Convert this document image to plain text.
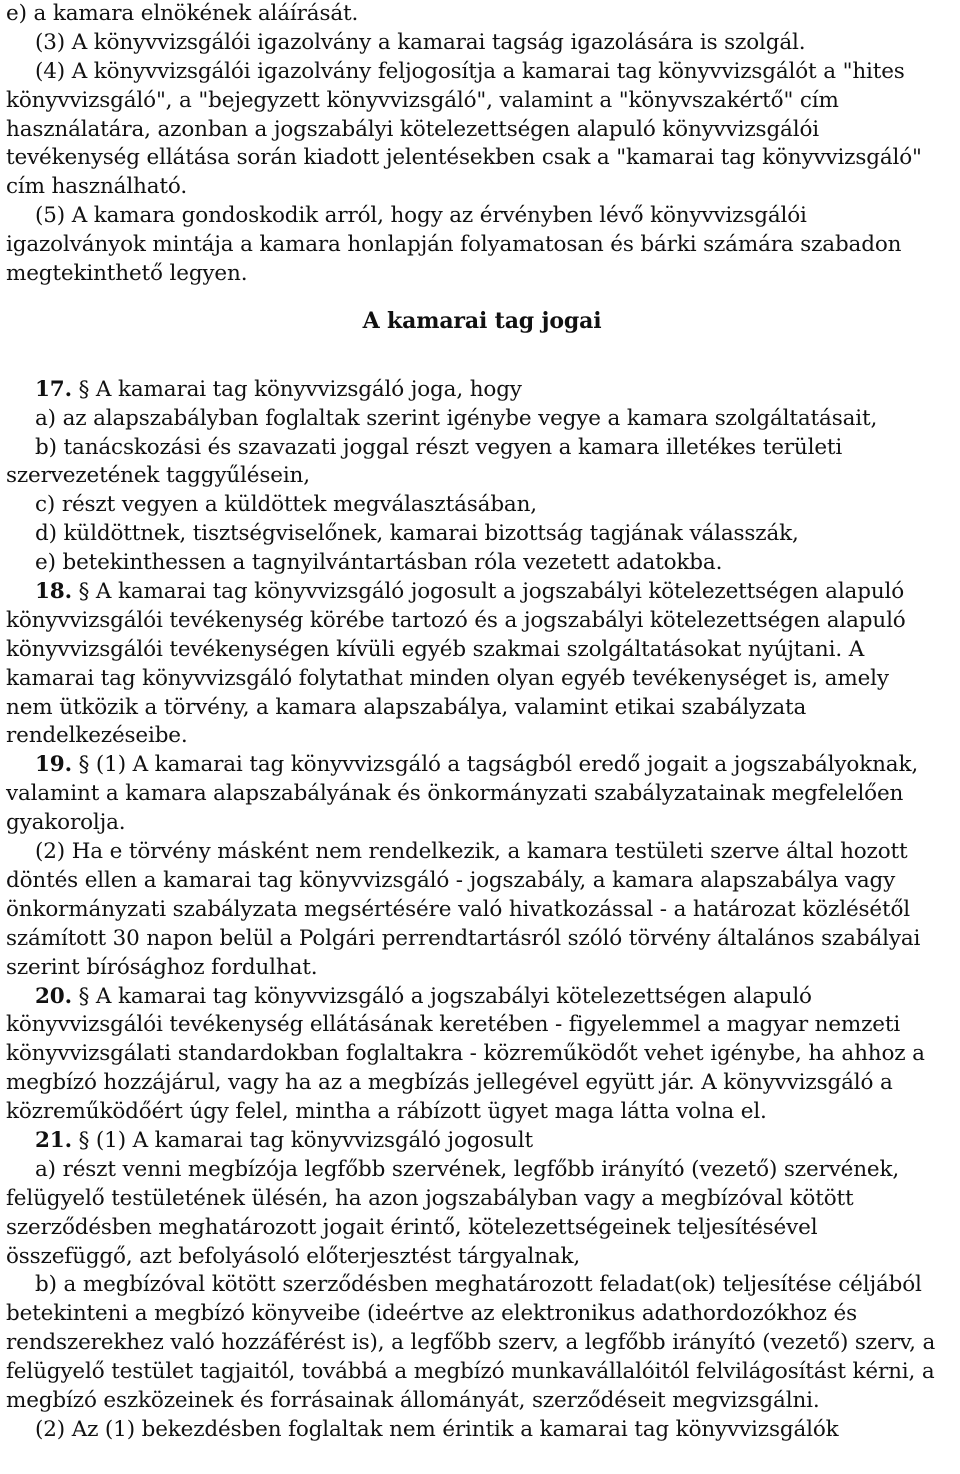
e) a kamara elnökének aláírását.
(3) A könyvvizsgálói igazolvány a kamarai tagság igazolására is szolgál.
(4) A könyvvizsgálói igazolvány feljogosítja a kamarai tag könyvvizsgálót a "hites
könyvvizsgáló", a "bejegyzett könyvvizsgáló", valamint a "könyvszakértő" cím
használatára, azonban a jogszabályi kötelezettségen alapuló könyvvizsgálói
tevékenység ellátása során kiadott jelentésekben csak a "kamarai tag könyvvizsgáló"
cím használható.
(5) A kamara gondoskodik arról, hogy az érvényben lévő könyvvizsgálói
igazolványok mintája a kamara honlapján folyamatosan és bárki számára szabadon
megtekinthető legyen.
A kamarai tag jogai
17. § A kamarai tag könyvvizsgáló joga, hogy
a) az alapszabályban foglaltak szerint igénybe vegye a kamara szolgáltatásait,
b) tanácskozási és szavazati joggal részt vegyen a kamara illetékes területi
szervezetének taggyűlésein,
c) részt vegyen a küldöttek megválasztásában,
d) küldöttnek, tisztségviselőnek, kamarai bizottság tagjának válasszák,
e) betekinthessen a tagnyilvántartásban róla vezetett adatokba.
18. § A kamarai tag könyvvizsgáló jogosult a jogszabályi kötelezettségen alapuló
könyvvizsgálói tevékenység körébe tartozó és a jogszabályi kötelezettségen alapuló
könyvvizsgálói tevékenységen kívüli egyéb szakmai szolgáltatásokat nyújtani. A
kamarai tag könyvvizsgáló folytathat minden olyan egyéb tevékenységet is, amely
nem ütközik a törvény, a kamara alapszabálya, valamint etikai szabályzata
rendelkezéseibe.
19. § (1) A kamarai tag könyvvizsgáló a tagságból eredő jogait a jogszabályoknak,
valamint a kamara alapszabályának és önkormányzati szabályzatainak megfelelően
gyakorolja.
(2) Ha e törvény másként nem rendelkezik, a kamara testületi szerve által hozott
döntés ellen a kamarai tag könyvvizsgáló - jogszabály, a kamara alapszabálya vagy
önkormányzati szabályzata megsértésére való hivatkozással - a határozat közlésétől
számított 30 napon belül a Polgári perrendtartásról szóló törvény általános szabályai
szerint bírósághoz fordulhat.
20. § A kamarai tag könyvvizsgáló a jogszabályi kötelezettségen alapuló
könyvvizsgálói tevékenység ellátásának keretében - figyelemmel a magyar nemzeti
könyvvizsgálati standardokban foglaltakra - közreműködőt vehet igénybe, ha ahhoz a
megbízó hozzájárul, vagy ha az a megbízás jellegével együtt jár. A könyvvizsgáló a
közreműködőért úgy felel, mintha a rábízott ügyet maga látta volna el.
21. § (1) A kamarai tag könyvvizsgáló jogosult
a) részt venni megbízója legfőbb szervének, legfőbb irányító (vezető) szervének,
felügyelő testületének ülésén, ha azon jogszabályban vagy a megbízóval kötött
szerződésben meghatározott jogait érintő, kötelezettségeinek teljesítésével
összefüggő, azt befolyásoló előterjesztést tárgyalnak,
b) a megbízóval kötött szerződésben meghatározott feladat(ok) teljesítése céljából
betekinteni a megbízó könyveibe (ideértve az elektronikus adathordozókhoz és
rendszerekhez való hozzáférést is), a legfőbb szerv, a legfőbb irányító (vezető) szerv, a
felügyelő testület tagjaitól, továbbá a megbízó munkavállalóitól felvilágosítást kérni, a
megbízó eszközeinek és forrásainak állományát, szerződéseit megvizsgálni.
(2) Az (1) bekezdésben foglaltak nem érintik a kamarai tag könyvvizsgálók
